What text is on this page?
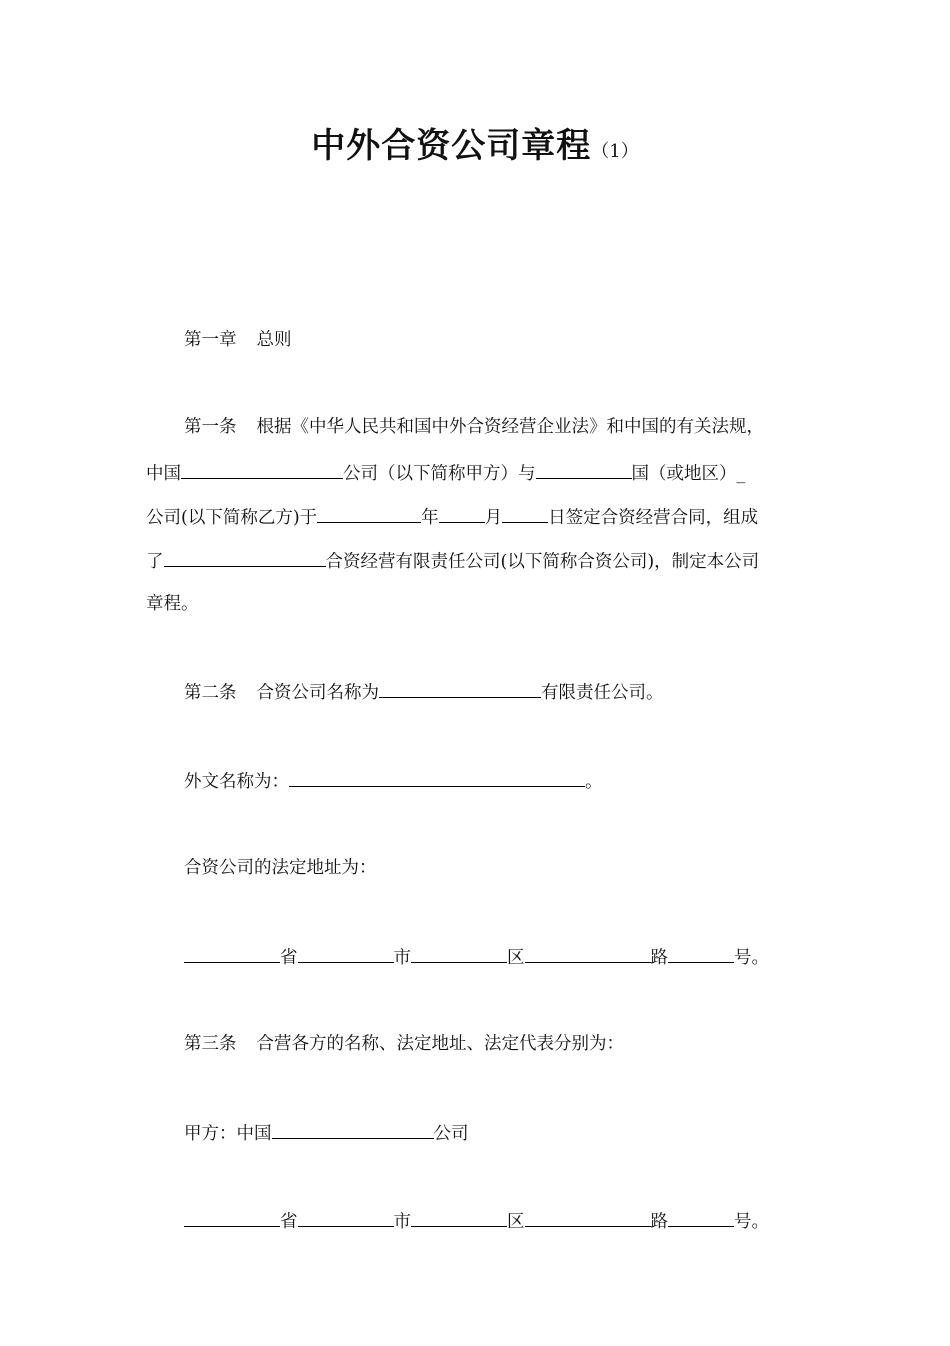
中外合资公司章程（1）
第一章 总则
第一条 根据《中华人民共和国中外合资经营企业法》和中国的有关法规，
中国	公司（以下简称甲方）与	国（或地区）_
公司(以下简称乙方)于	年	月	日签定合资经营合同，组成
了	合资经营有限责任公司(以下简称合资公司)，制定本公司
章程。
第二条 合资公司名称为	有限责任公司。
外文名称为：	。
合资公司的法定地址为：
省	市	区	路	号。
第三条 合营各方的名称、法定地址、法定代表分别为：
甲方：中国	公司
省	市	区	路	号。
